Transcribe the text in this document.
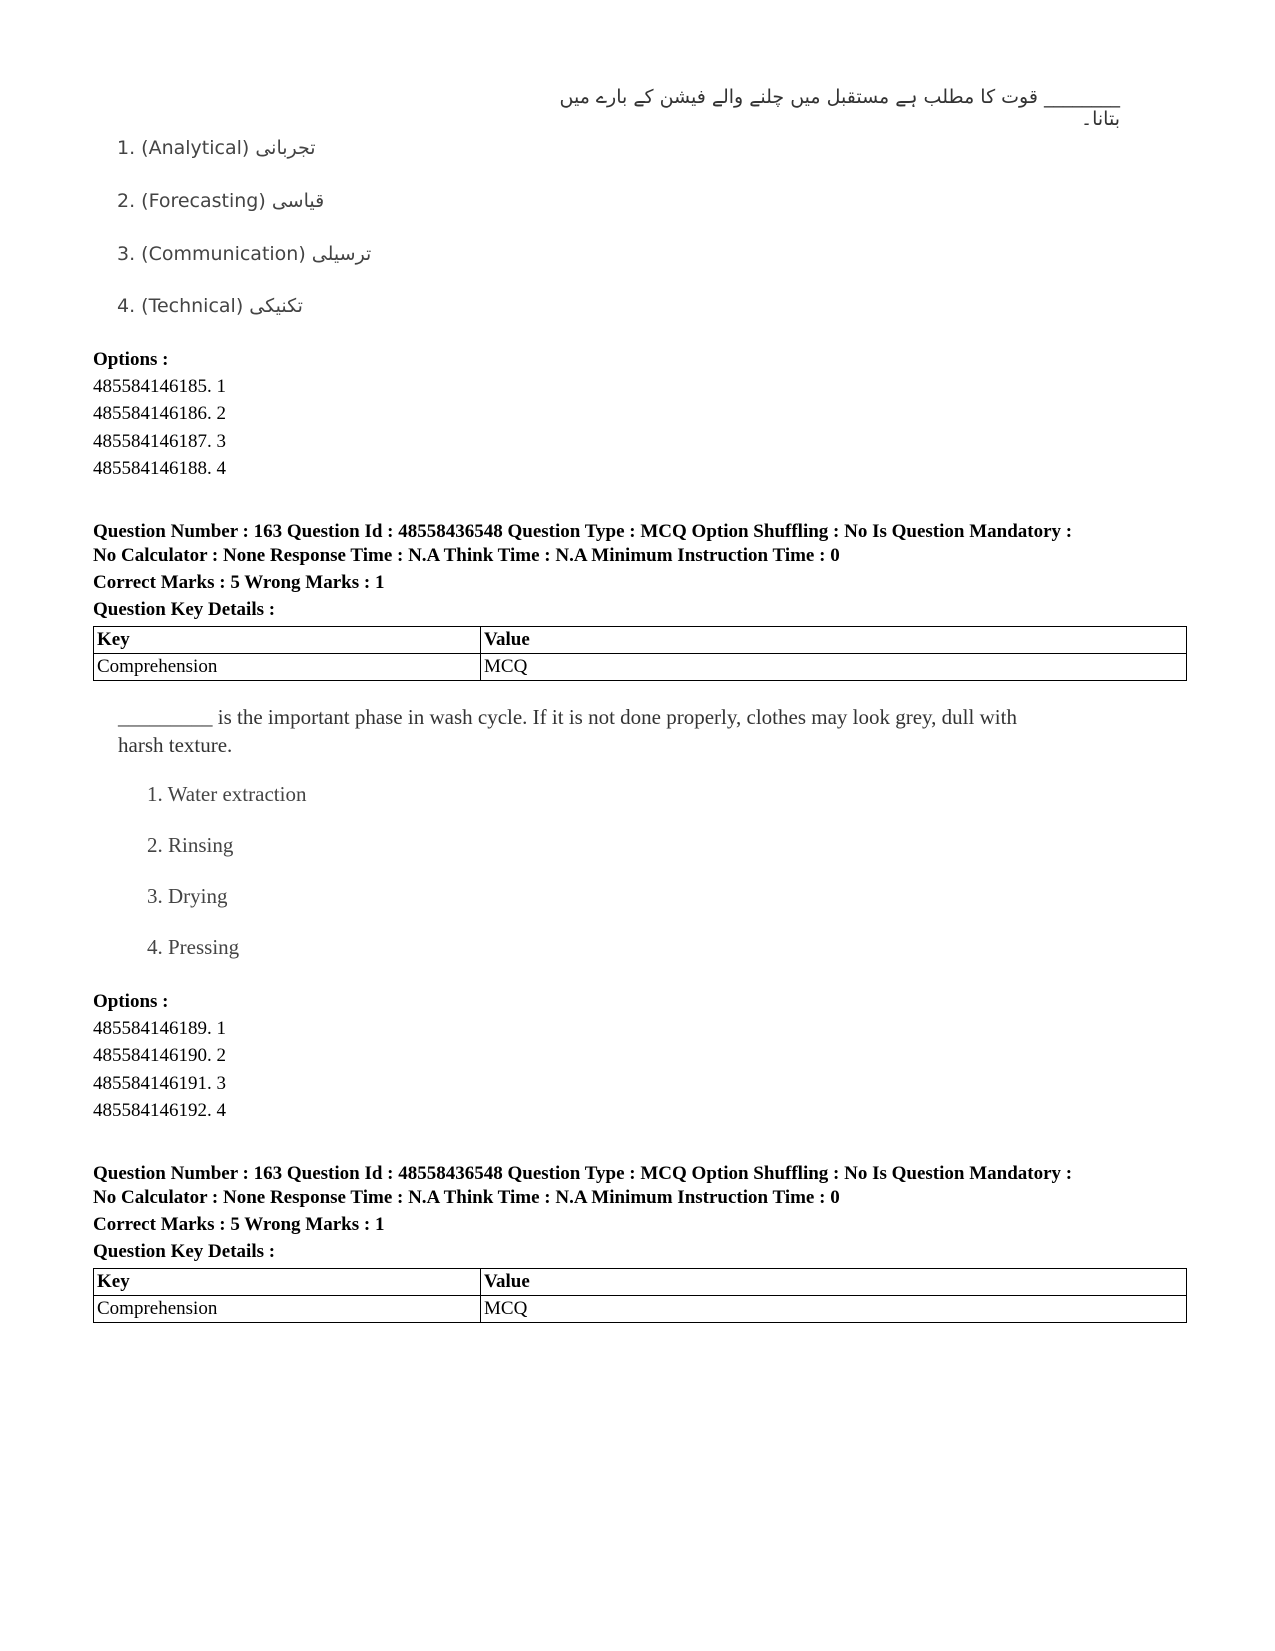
________ قوت کا مطلب ہے مستقبل میں چلنے والے فیشن کے بارے میں بتانا۔
1. (Analytical) تجربانی
2. (Forecasting) قیاسی
3. (Communication) ترسیلی
4. (Technical) تکنیکی
Options :
485584146185. 1
485584146186. 2
485584146187. 3
485584146188. 4
Question Number : 163 Question Id : 48558436548 Question Type : MCQ Option Shuffling : No Is Question Mandatory :
No Calculator : None Response Time : N.A Think Time : N.A Minimum Instruction Time : 0
Correct Marks : 5 Wrong Marks : 1
Question Key Details :
Key	Value
Comprehension	MCQ
_________ is the important phase in wash cycle. If it is not done properly, clothes may look grey, dull with
harsh texture.
1. Water extraction
2. Rinsing
3. Drying
4. Pressing
Options :
485584146189. 1
485584146190. 2
485584146191. 3
485584146192. 4
Question Number : 163 Question Id : 48558436548 Question Type : MCQ Option Shuffling : No Is Question Mandatory :
No Calculator : None Response Time : N.A Think Time : N.A Minimum Instruction Time : 0
Correct Marks : 5 Wrong Marks : 1
Question Key Details :
Key	Value
Comprehension	MCQ
